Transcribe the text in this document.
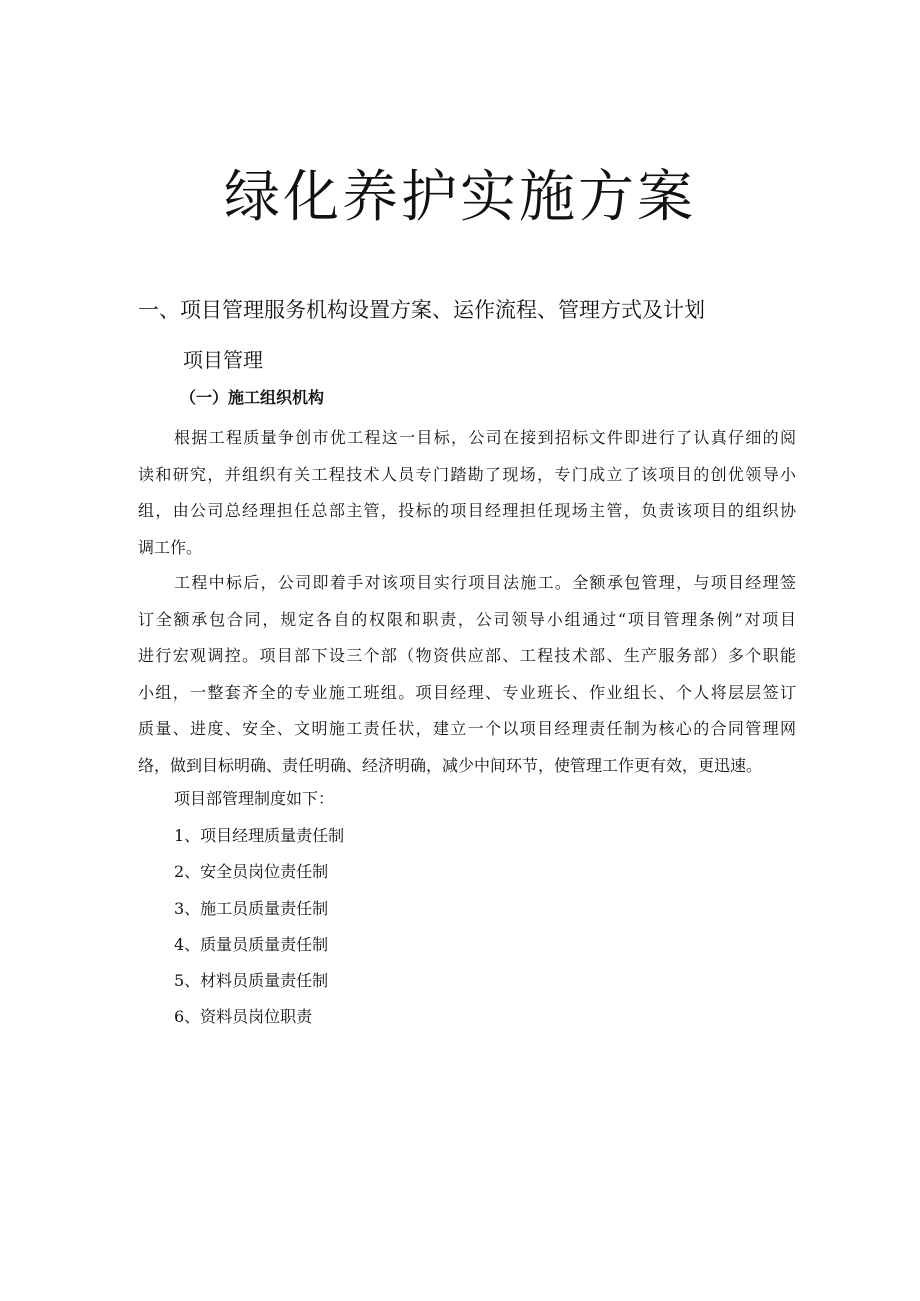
绿化养护实施方案
一、项目管理服务机构设置方案、运作流程、管理方式及计划
项目管理
（一）施工组织机构
根据工程质量争创市优工程这一目标，公司在接到招标文件即进行了认真仔细的阅
读和研究，并组织有关工程技术人员专门踏勘了现场，专门成立了该项目的创优领导小
组，由公司总经理担任总部主管，投标的项目经理担任现场主管，负责该项目的组织协
调工作。
工程中标后，公司即着手对该项目实行项目法施工。全额承包管理，与项目经理签
订全额承包合同，规定各自的权限和职责，公司领导小组通过“项目管理条例”对项目
进行宏观调控。项目部下设三个部（物资供应部、工程技术部、生产服务部）多个职能
小组，一整套齐全的专业施工班组。项目经理、专业班长、作业组长、个人将层层签订
质量、进度、安全、文明施工责任状，建立一个以项目经理责任制为核心的合同管理网
络，做到目标明确、责任明确、经济明确，减少中间环节，使管理工作更有效，更迅速。

项目部管理制度如下：

1、项目经理质量责任制
2、安全员岗位责任制
3、施工员质量责任制
4、质量员质量责任制
5、材料员质量责任制
6、资料员岗位职责
